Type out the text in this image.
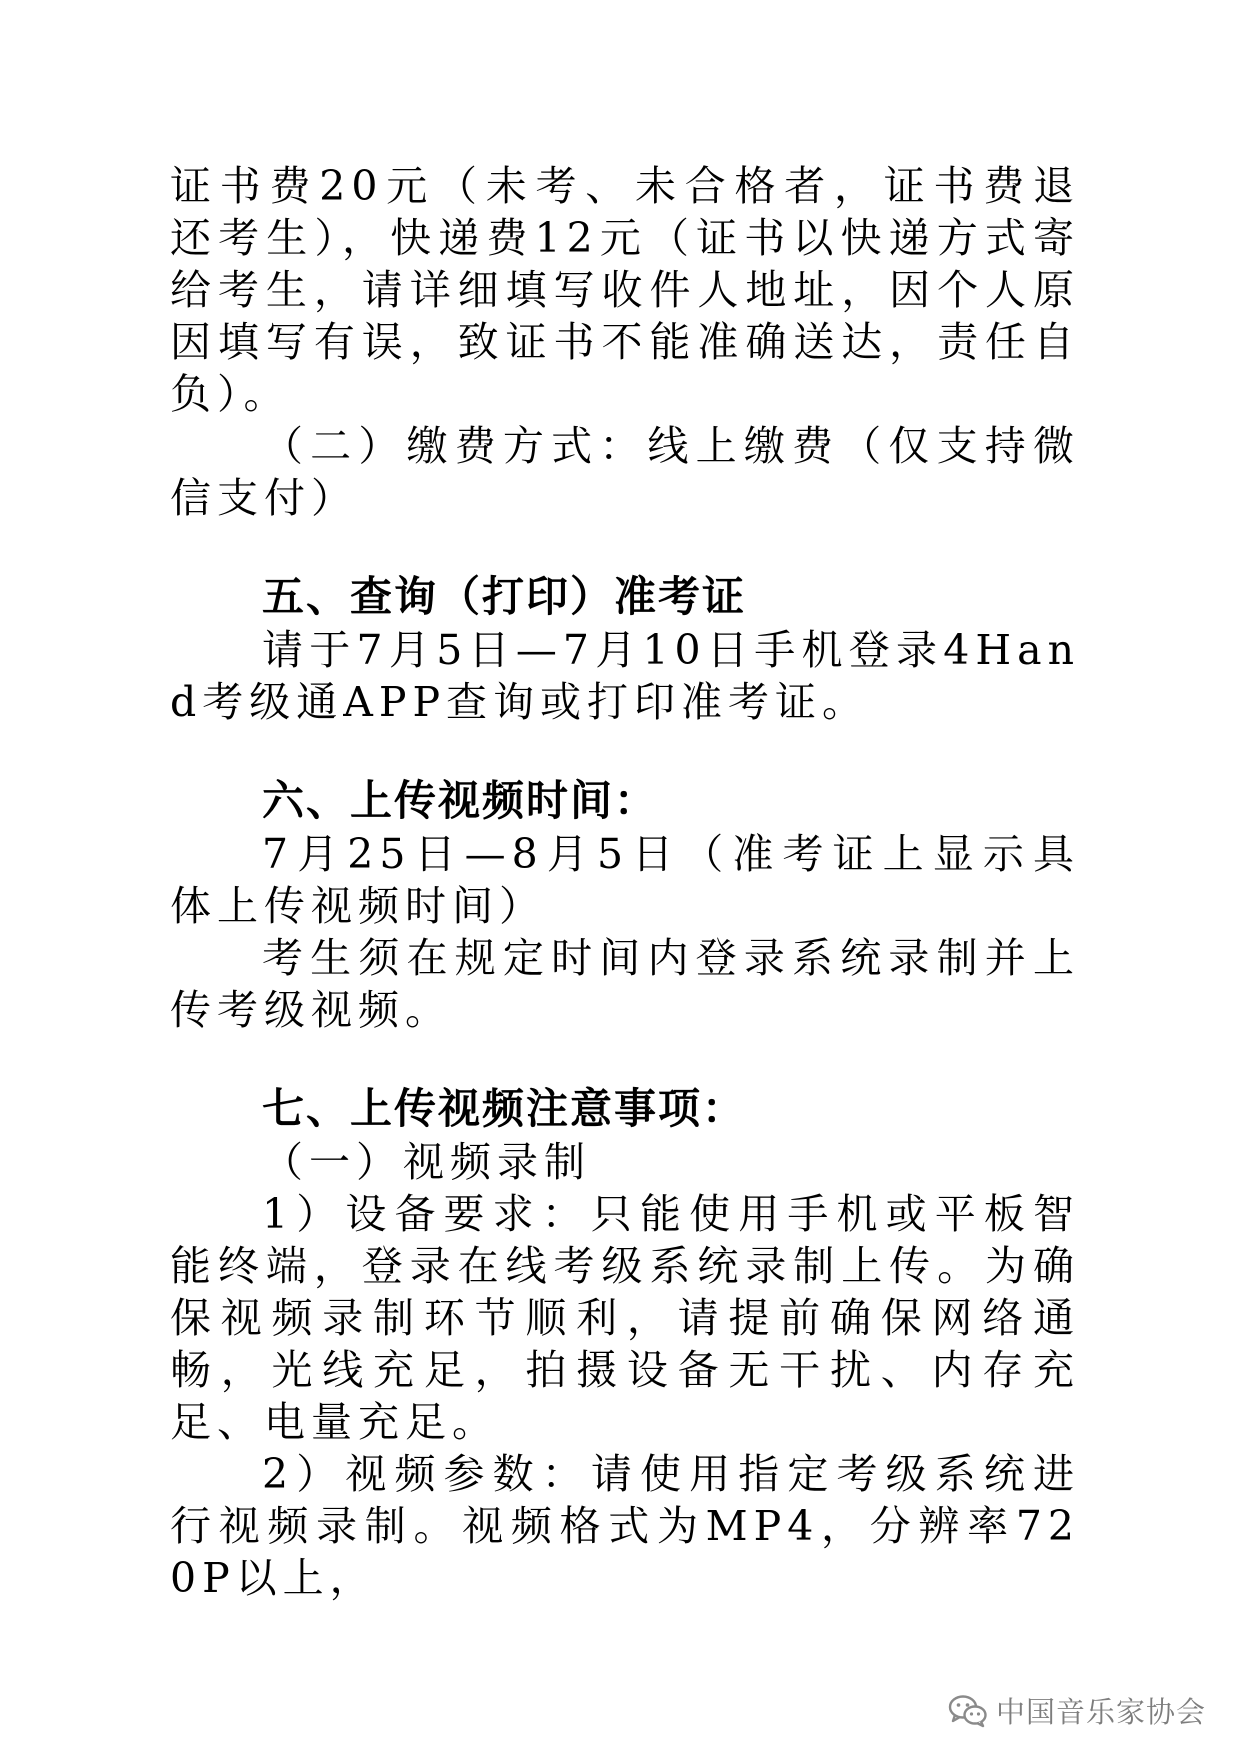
证书费20元（未考、未合格者，证书费退还考生），快递费12元（证书以快递方式寄给考生，请详细填写收件人地址，因个人原因填写有误，致证书不能准确送达，责任自负）。

（二）缴费方式：线上缴费（仅支持微信支付）

五、查询（打印）准考证

请于7月5日—7月10日手机登录4Hand考级通APP查询或打印准考证。

六、上传视频时间：

7月25日—8月5日（准考证上显示具体上传视频时间）

考生须在规定时间内登录系统录制并上传考级视频。

七、上传视频注意事项：

（一）视频录制

1）设备要求：只能使用手机或平板智能终端，登录在线考级系统录制上传。为确保视频录制环节顺利，请提前确保网络通畅，光线充足，拍摄设备无干扰、内存充足、电量充足。

2）视频参数：请使用指定考级系统进行视频录制。视频格式为MP4，分辨率720P以上，

中国音乐家协会
